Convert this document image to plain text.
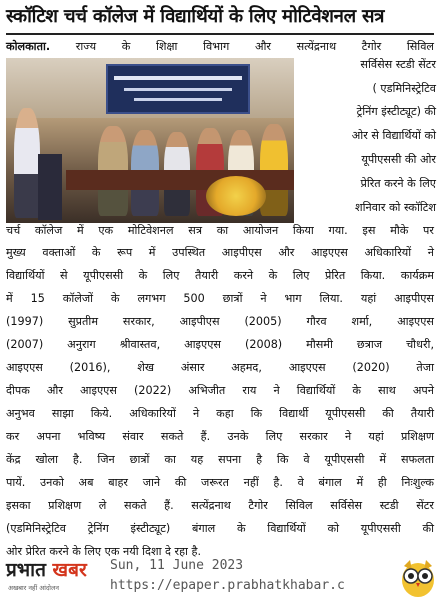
स्कॉटिश चर्च कॉलेज में विद्यार्थियों के लिए मोटिवेशनल सत्र
कोलकाता. राज्य के शिक्षा विभाग और सत्येंद्रनाथ टैगोर सिविल
सर्विसेस स्टडी सेंटर
( एडमिनिस्ट्रेटिव
ट्रेनिंग इंस्टीट्यूट) की
ओर से विद्यार्थियों को
यूपीएससी की ओर
प्रेरित करने के लिए
शनिवार को स्कॉटिश
चर्च कॉलेज में एक मोटिवेशनल सत्र का आयोजन किया गया. इस मौके पर
मुख्य वक्ताओं के रूप में उपस्थित आइपीएस और आइएएस अधिकारियों ने
विद्यार्थियों से यूपीएससी के लिए तैयारी करने के लिए प्रेरित किया. कार्यक्रम
में 15 कॉलेजों के लगभग 500 छात्रों ने भाग लिया. यहां आइपीएस
(1997) सुप्रतीम सरकार, आइपीएस (2005) गौरव शर्मा, आइएएस
(2007) अनुराग श्रीवास्तव, आइएएस (2008) मौसमी छत्राज चौधरी,
आइएएस (2016), शेख अंसार अहमद, आइएएस (2020) तेजा
दीपक और आइएएस (2022) अभिजीत राय ने विद्यार्थियों के साथ अपने
अनुभव साझा किये. अधिकारियों ने कहा कि विद्यार्थी यूपीएससी की तैयारी
कर अपना भविष्य संवार सकते हैं. उनके लिए सरकार ने यहां प्रशिक्षण
केंद्र खोला है. जिन छात्रों का यह सपना है कि वे यूपीएससी में सफलता
पायें. उनको अब बाहर जाने की जरूरत नहीं है. वे बंगाल में ही निःशुल्क
इसका प्रशिक्षण ले सकते हैं. सत्येंद्रनाथ टैगोर सिविल सर्विसेस स्टडी सेंटर
(एडमिनिस्ट्रेटिव ट्रेनिंग इंस्टीट्यूट) बंगाल के विद्यार्थियों को यूपीएससी की
ओर प्रेरित करने के लिए एक नयी दिशा दे रहा है.
प्रभात खबर
अखबार नहीं आंदोलन
Sun, 11 June 2023
https://epaper.prabhatkhabar.c
